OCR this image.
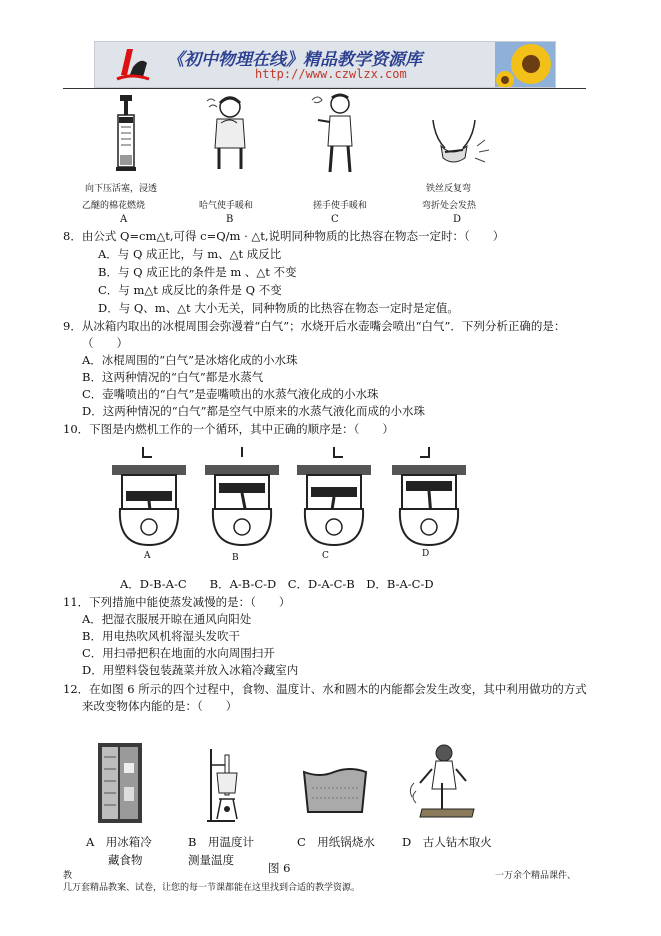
《初中物理在线》精品教学资源库
http://www.czwlzx.com
向下压活塞，浸透
乙醚的棉花燃烧
A
哈气使手暖和
B
搓手使手暖和
C
铁丝反复弯
弯折处会发热
D
8．由公式 Q=cm△t,可得 c=Q/m · △t,说明同种物质的比热容在物态一定时：（　　）
A．与 Q 成正比，与 m、△t 成反比
B．与 Q 成正比的条件是 m 、△t 不变
C．与 m△t 成反比的条件是 Q 不变
D．与 Q、m、△t 大小无关，同种物质的比热容在物态一定时是定值。
9．从冰箱内取出的冰棍周围会弥漫着“白气”；水烧开后水壶嘴会喷出“白气”．下列分析正确的是：
（　　）
A．冰棍周围的“白气”是冰熔化成的小水珠
B．这两种情况的“白气”都是水蒸气
C．壶嘴喷出的“白气”是壶嘴喷出的水蒸气液化成的小水珠
D．这两种情况的“白气”都是空气中原来的水蒸气液化而成的小水珠
10．下图是内燃机工作的一个循环，其中正确的顺序是：（　　）
A	B	C	D
A．D-B-A-C　　B．A-B-C-D　C．D-A-C-B　D．B-A-C-D
11．下列措施中能使蒸发减慢的是：（　　）
A．把湿衣服展开晾在通风向阳处
B．用电热吹风机将湿头发吹干
C．用扫帚把积在地面的水向周围扫开
D．用塑料袋包装蔬菜并放入冰箱冷藏室内
12．在如图 6 所示的四个过程中，食物、温度计、水和圆木的内能都会发生改变，其中利用做功的方式
来改变物体内能的是：（　　）
A　用冰箱冷
藏食物
B　用温度计
测量温度
C　用纸锅烧水 D　古人钻木取火
图 6
教	一万余个精品课件、
几万套精品教案、试卷，让您的每一节课都能在这里找到合适的教学资源。
